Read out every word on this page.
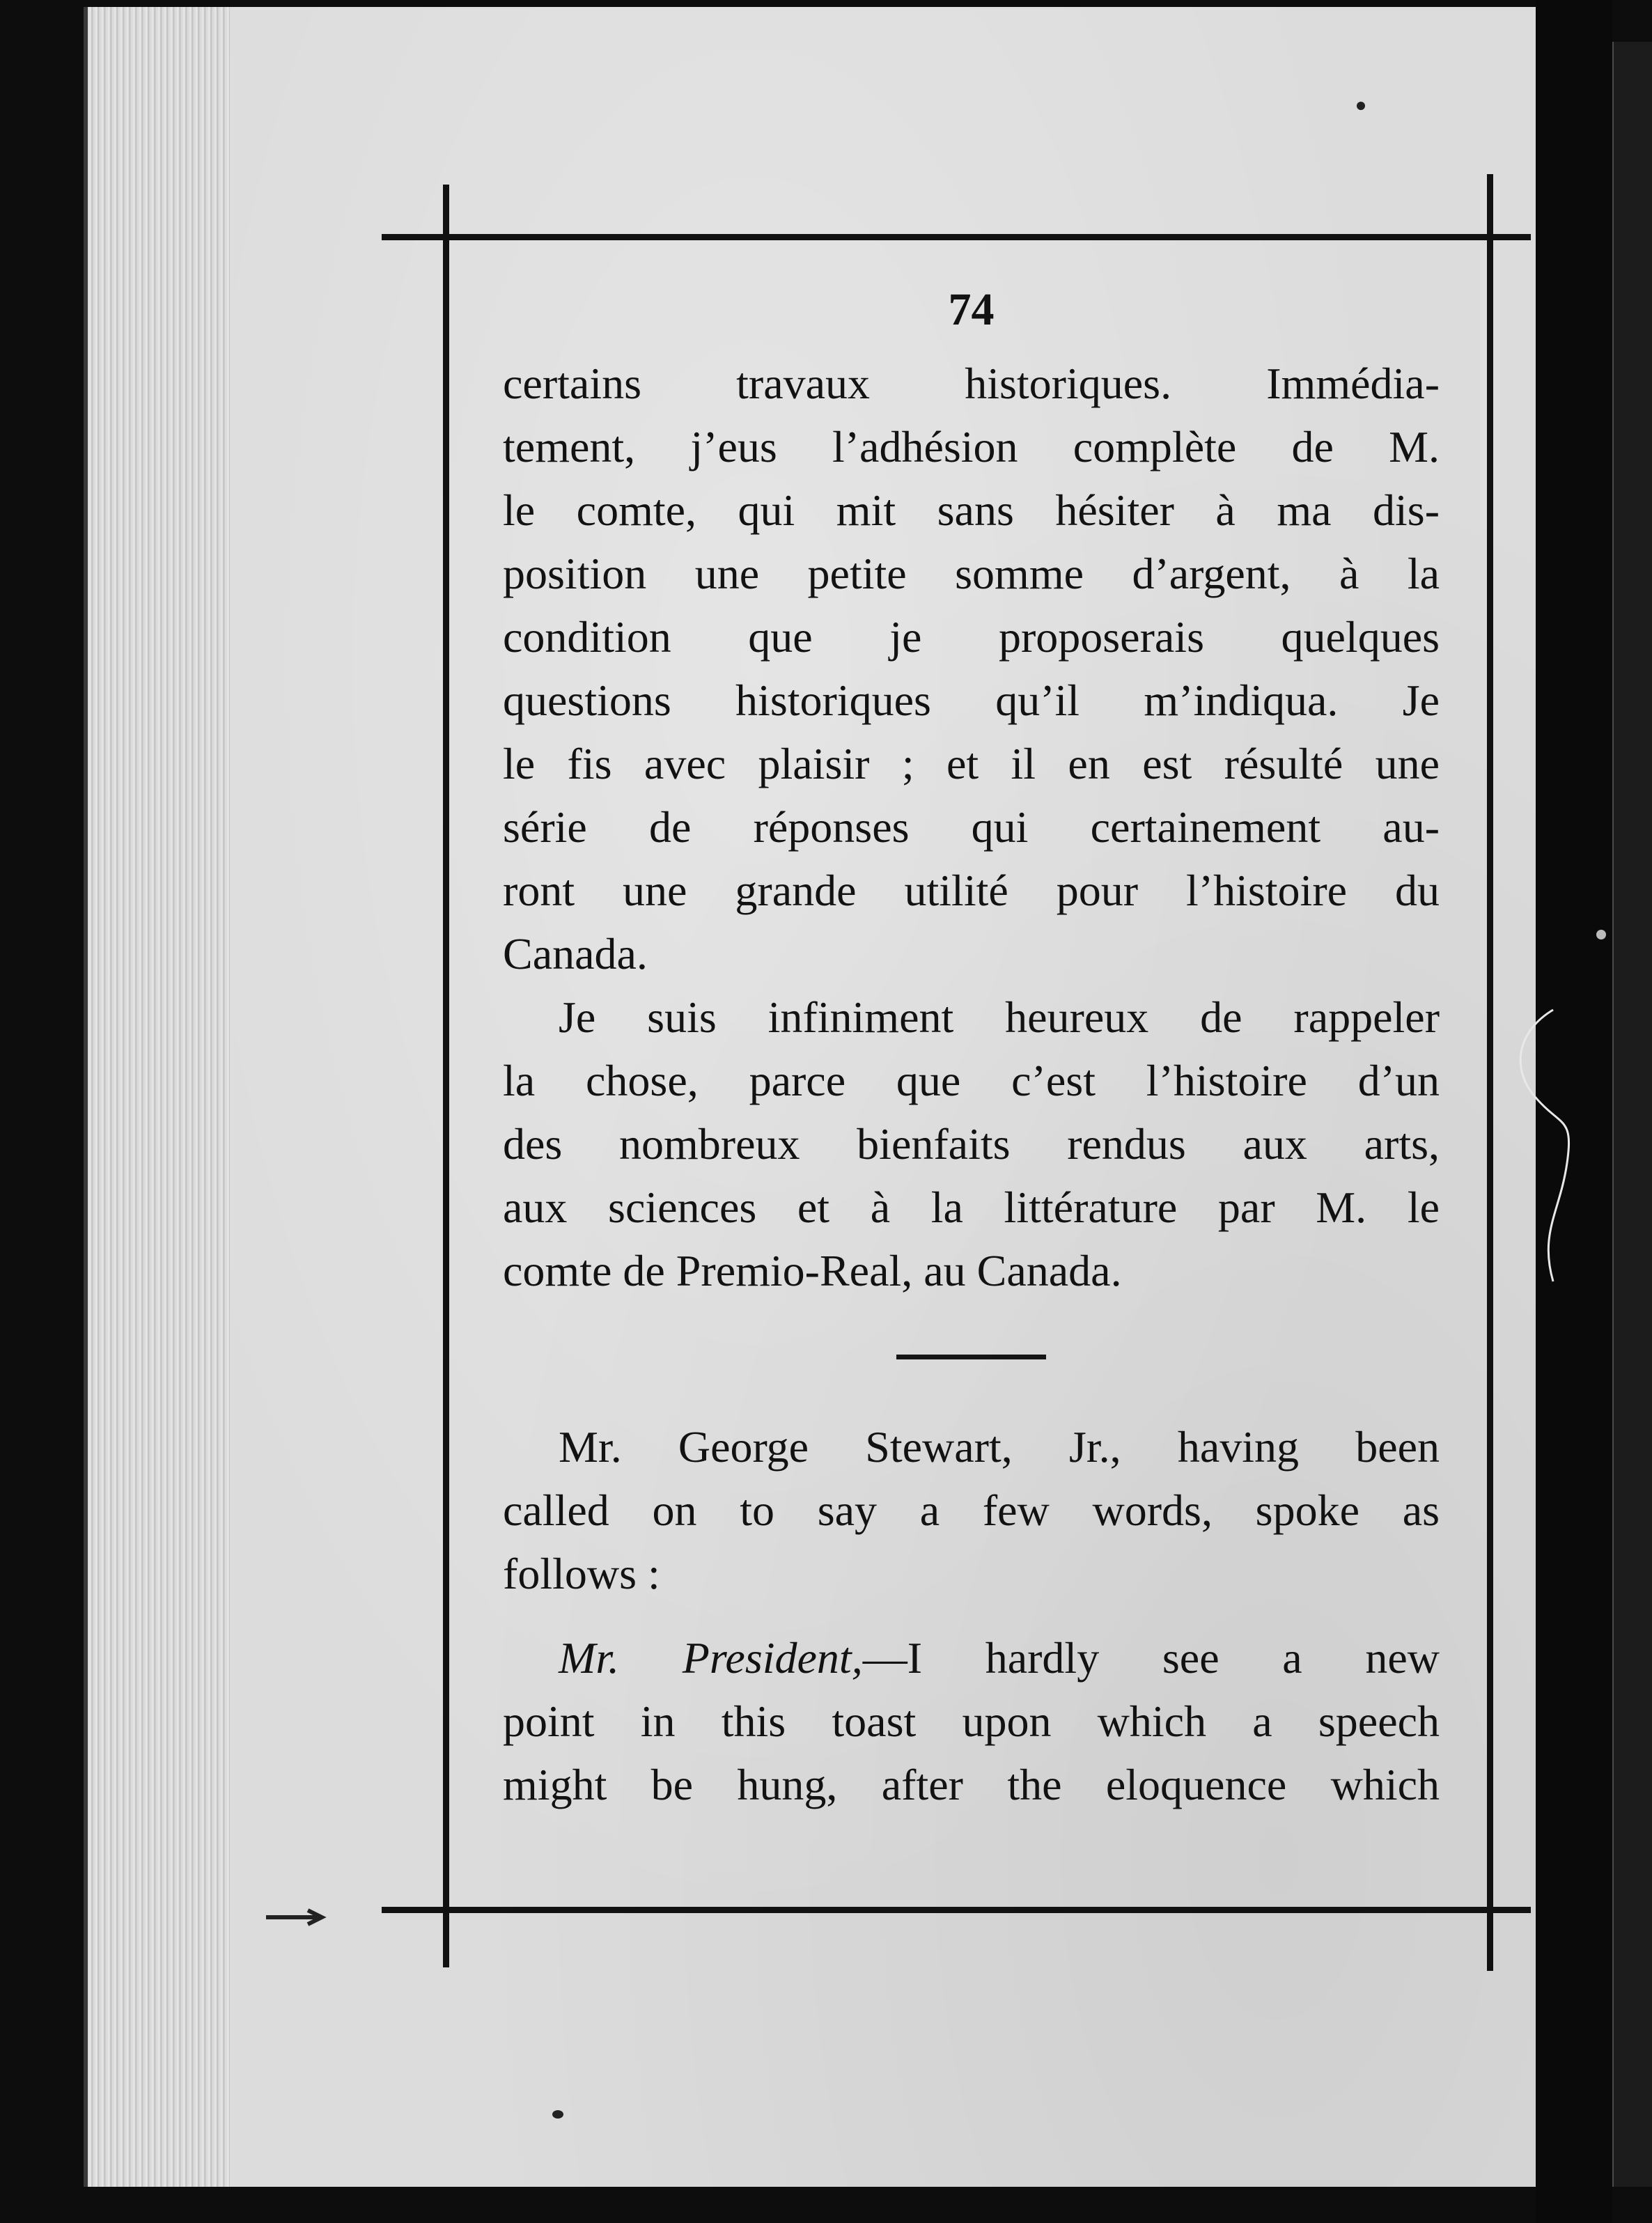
74
certains travaux historiques. Immédia-
tement, j’eus l’adhésion complète de M.
le comte, qui mit sans hésiter à ma dis-
position une petite somme d’argent, à la
condition que je proposerais quelques
questions historiques qu’il m’indiqua. Je
le fis avec plaisir ; et il en est résulté une
série de réponses qui certainement au-
ront une grande utilité pour l’histoire du
Canada.
Je suis infiniment heureux de rappeler
la chose, parce que c’est l’histoire d’un
des nombreux bienfaits rendus aux arts,
aux sciences et à la littérature par M. le
comte de Premio-Real, au Canada.
Mr. George Stewart, Jr., having been
called on to say a few words, spoke as
follows :
Mr. President,—I hardly see a new
point in this toast upon which a speech
might be hung, after the eloquence which
